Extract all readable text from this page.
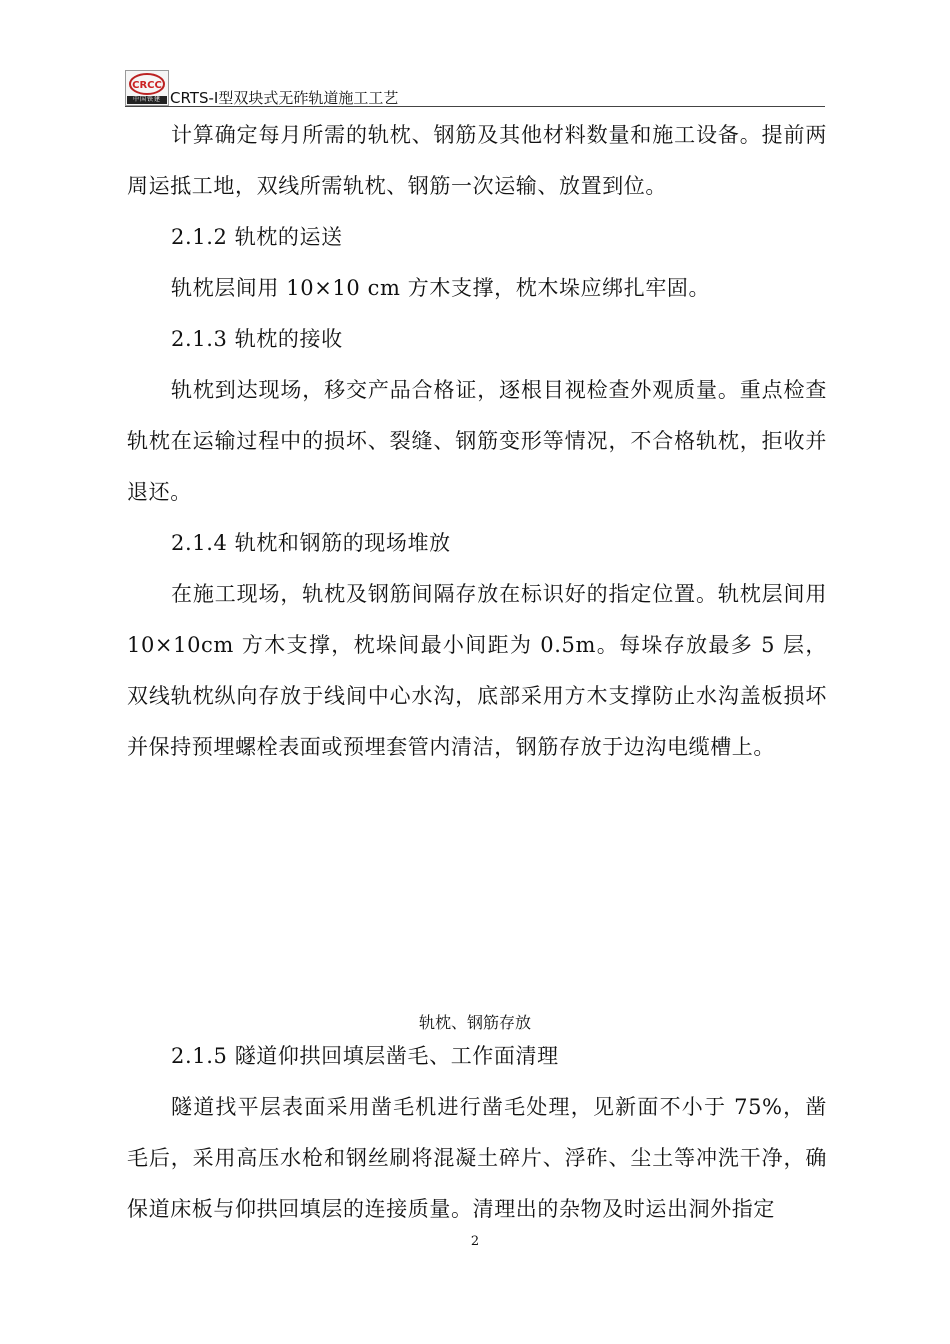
CRCC
中国铁建 CRTS-Ⅰ型双块式无砟轨道施工工艺
计算确定每月所需的轨枕、钢筋及其他材料数量和施工设备。提前两周运抵工地，双线所需轨枕、钢筋一次运输、放置到位。
2.1.2 轨枕的运送
轨枕层间用 10×10 cm 方木支撑，枕木垛应绑扎牢固。
2.1.3 轨枕的接收
轨枕到达现场，移交产品合格证，逐根目视检查外观质量。重点检查轨枕在运输过程中的损坏、裂缝、钢筋变形等情况，不合格轨枕，拒收并退还。
2.1.4 轨枕和钢筋的现场堆放
在施工现场，轨枕及钢筋间隔存放在标识好的指定位置。轨枕层间用 10×10cm 方木支撑，枕垛间最小间距为 0.5m。每垛存放最多 5 层，双线轨枕纵向存放于线间中心水沟，底部采用方木支撑防止水沟盖板损坏并保持预埋螺栓表面或预埋套管内清洁，钢筋存放于边沟电缆槽上。
轨枕、钢筋存放
2.1.5 隧道仰拱回填层凿毛、工作面清理
隧道找平层表面采用凿毛机进行凿毛处理，见新面不小于 75%，凿毛后，采用高压水枪和钢丝刷将混凝土碎片、浮砟、尘土等冲洗干净，确保道床板与仰拱回填层的连接质量。清理出的杂物及时运出洞外指定
2
